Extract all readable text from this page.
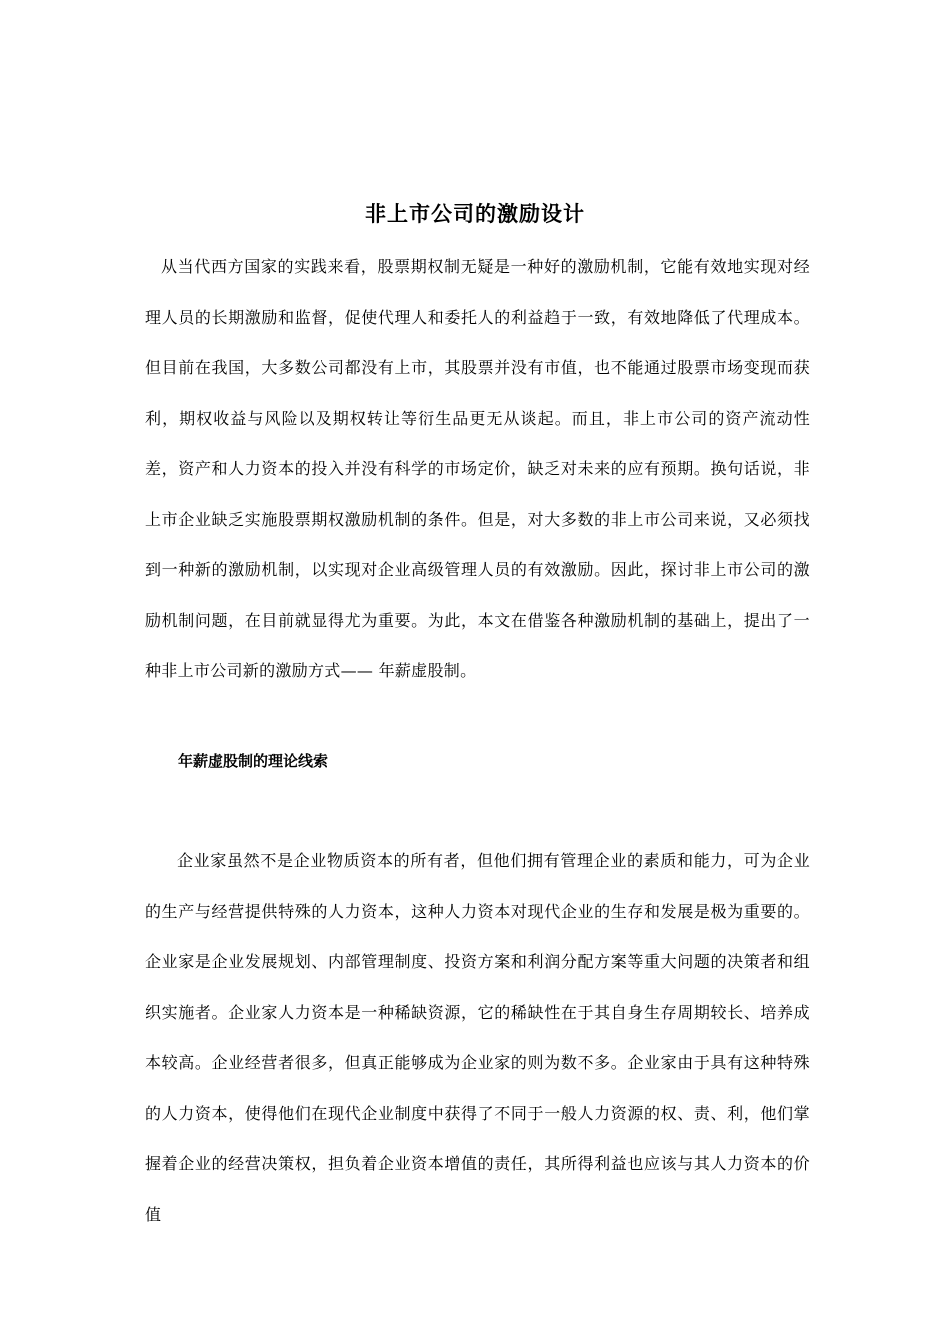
非上市公司的激励设计
从当代西方国家的实践来看，股票期权制无疑是一种好的激励机制，它能有效地实现对经理人员的长期激励和监督，促使代理人和委托人的利益趋于一致，有效地降低了代理成本。但目前在我国，大多数公司都没有上市，其股票并没有市值，也不能通过股票市场变现而获利，期权收益与风险以及期权转让等衍生品更无从谈起。而且，非上市公司的资产流动性差，资产和人力资本的投入并没有科学的市场定价，缺乏对未来的应有预期。换句话说，非上市企业缺乏实施股票期权激励机制的条件。但是，对大多数的非上市公司来说，又必须找到一种新的激励机制，以实现对企业高级管理人员的有效激励。因此，探讨非上市公司的激励机制问题，在目前就显得尤为重要。为此，本文在借鉴各种激励机制的基础上，提出了一种非上市公司新的激励方式—— 年薪虚股制。
年薪虚股制的理论线索
企业家虽然不是企业物质资本的所有者，但他们拥有管理企业的素质和能力，可为企业的生产与经营提供特殊的人力资本，这种人力资本对现代企业的生存和发展是极为重要的。企业家是企业发展规划、内部管理制度、投资方案和利润分配方案等重大问题的决策者和组织实施者。企业家人力资本是一种稀缺资源，它的稀缺性在于其自身生存周期较长、培养成本较高。企业经营者很多，但真正能够成为企业家的则为数不多。企业家由于具有这种特殊的人力资本，使得他们在现代企业制度中获得了不同于一般人力资源的权、责、利，他们掌握着企业的经营决策权，担负着企业资本增值的责任，其所得利益也应该与其人力资本的价值
